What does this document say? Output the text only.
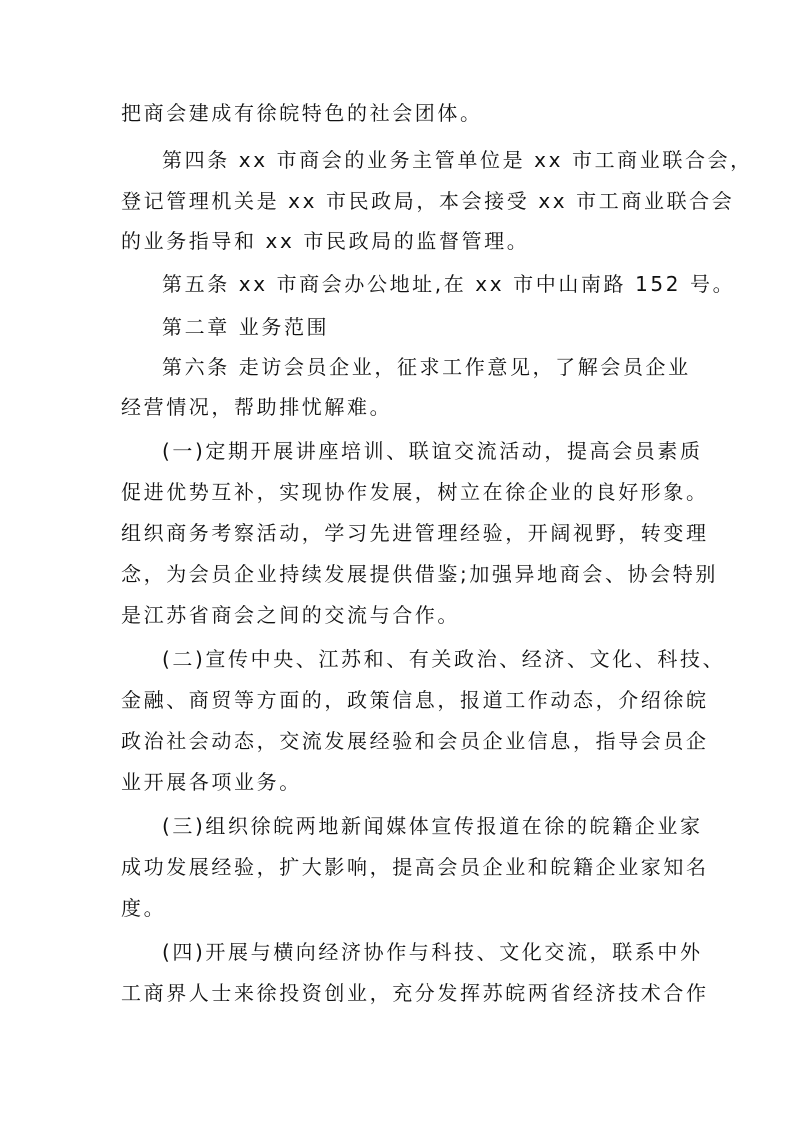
把商会建成有徐皖特色的社会团体。
第四条 xx 市商会的业务主管单位是 xx 市工商业联合会，
登记管理机关是 xx 市民政局，本会接受 xx 市工商业联合会
的业务指导和 xx 市民政局的监督管理。
第五条 xx 市商会办公地址,在 xx 市中山南路 152 号。
第二章 业务范围
第六条 走访会员企业，征求工作意见，了解会员企业
经营情况，帮助排忧解难。
(一)定期开展讲座培训、联谊交流活动，提高会员素质
促进优势互补，实现协作发展，树立在徐企业的良好形象。
组织商务考察活动，学习先进管理经验，开阔视野，转变理
念，为会员企业持续发展提供借鉴;加强异地商会、协会特别
是江苏省商会之间的交流与合作。
(二)宣传中央、江苏和、有关政治、经济、文化、科技、
金融、商贸等方面的，政策信息，报道工作动态，介绍徐皖
政治社会动态，交流发展经验和会员企业信息，指导会员企
业开展各项业务。
(三)组织徐皖两地新闻媒体宣传报道在徐的皖籍企业家
成功发展经验，扩大影响，提高会员企业和皖籍企业家知名
度。
(四)开展与横向经济协作与科技、文化交流，联系中外
工商界人士来徐投资创业，充分发挥苏皖两省经济技术合作
